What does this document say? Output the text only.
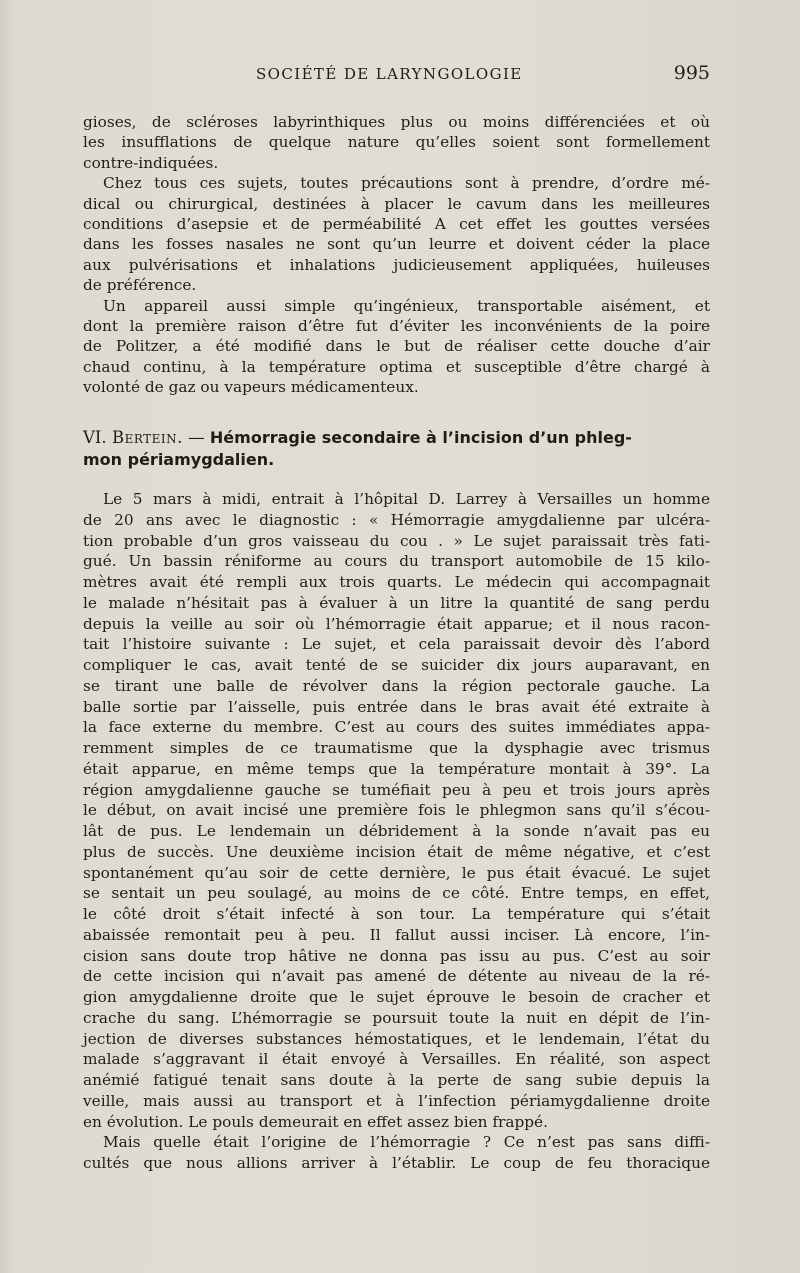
SOCIÉTÉ DE LARYNGOLOGIE	995
gioses, de scléroses labyrinthiques plus ou moins différenciées et où
les insufflations de quelque nature qu’elles soient sont formellement
contre-indiquées.
Chez tous ces sujets, toutes précautions sont à prendre, d’ordre mé-
dical ou chirurgical, destinées à placer le cavum dans les meilleures
conditions d’asepsie et de perméabilité A cet effet les gouttes versées
dans les fosses nasales ne sont qu’un leurre et doivent céder la place
aux pulvérisations et inhalations judicieusement appliquées, huileuses
de préférence.
Un appareil aussi simple qu’ingénieux, transportable aisément, et
dont la première raison d’être fut d’éviter les inconvénients de la poire
de Politzer, a été modifié dans le but de réaliser cette douche d’air
chaud continu, à la température optima et susceptible d’être chargé à
volonté de gaz ou vapeurs médicamenteux.
VI. Bertein. — Hémorragie secondaire à l’incision d’un phleg-
mon périamygdalien.
Le 5 mars à midi, entrait à l’hôpital D. Larrey à Versailles un homme
de 20 ans avec le diagnostic : « Hémorragie amygdalienne par ulcéra-
tion probable d’un gros vaisseau du cou . » Le sujet paraissait très fati-
gué. Un bassin réniforme au cours du transport automobile de 15 kilo-
mètres avait été rempli aux trois quarts. Le médecin qui accompagnait
le malade n’hésitait pas à évaluer à un litre la quantité de sang perdu
depuis la veille au soir où l’hémorragie était apparue; et il nous racon-
tait l’histoire suivante : Le sujet, et cela paraissait devoir dès l’abord
compliquer le cas, avait tenté de se suicider dix jours auparavant, en
se tirant une balle de révolver dans la région pectorale gauche. La
balle sortie par l’aisselle, puis entrée dans le bras avait été extraite à
la face externe du membre. C’est au cours des suites immédiates appa-
remment simples de ce traumatisme que la dysphagie avec trismus
était apparue, en même temps que la température montait à 39°. La
région amygdalienne gauche se tuméfiait peu à peu et trois jours après
le début, on avait incisé une première fois le phlegmon sans qu’il s’écou-
lât de pus. Le lendemain un débridement à la sonde n’avait pas eu
plus de succès. Une deuxième incision était de même négative, et c’est
spontanément qu’au soir de cette dernière, le pus était évacué. Le sujet
se sentait un peu soulagé, au moins de ce côté. Entre temps, en effet,
le côté droit s’était infecté à son tour. La température qui s’était
abaissée remontait peu à peu. Il fallut aussi inciser. Là encore, l’in-
cision sans doute trop hâtive ne donna pas issu au pus. C’est au soir
de cette incision qui n’avait pas amené de détente au niveau de la ré-
gion amygdalienne droite que le sujet éprouve le besoin de cracher et
crache du sang. L’hémorragie se poursuit toute la nuit en dépit de l’in-
jection de diverses substances hémostatiques, et le lendemain, l’état du
malade s’aggravant il était envoyé à Versailles. En réalité, son aspect
anémié fatigué tenait sans doute à la perte de sang subie depuis la
veille, mais aussi au transport et à l’infection périamygdalienne droite
en évolution. Le pouls demeurait en effet assez bien frappé.
Mais quelle était l’origine de l’hémorragie ? Ce n’est pas sans diffi-
cultés que nous allions arriver à l’établir. Le coup de feu thoracique
